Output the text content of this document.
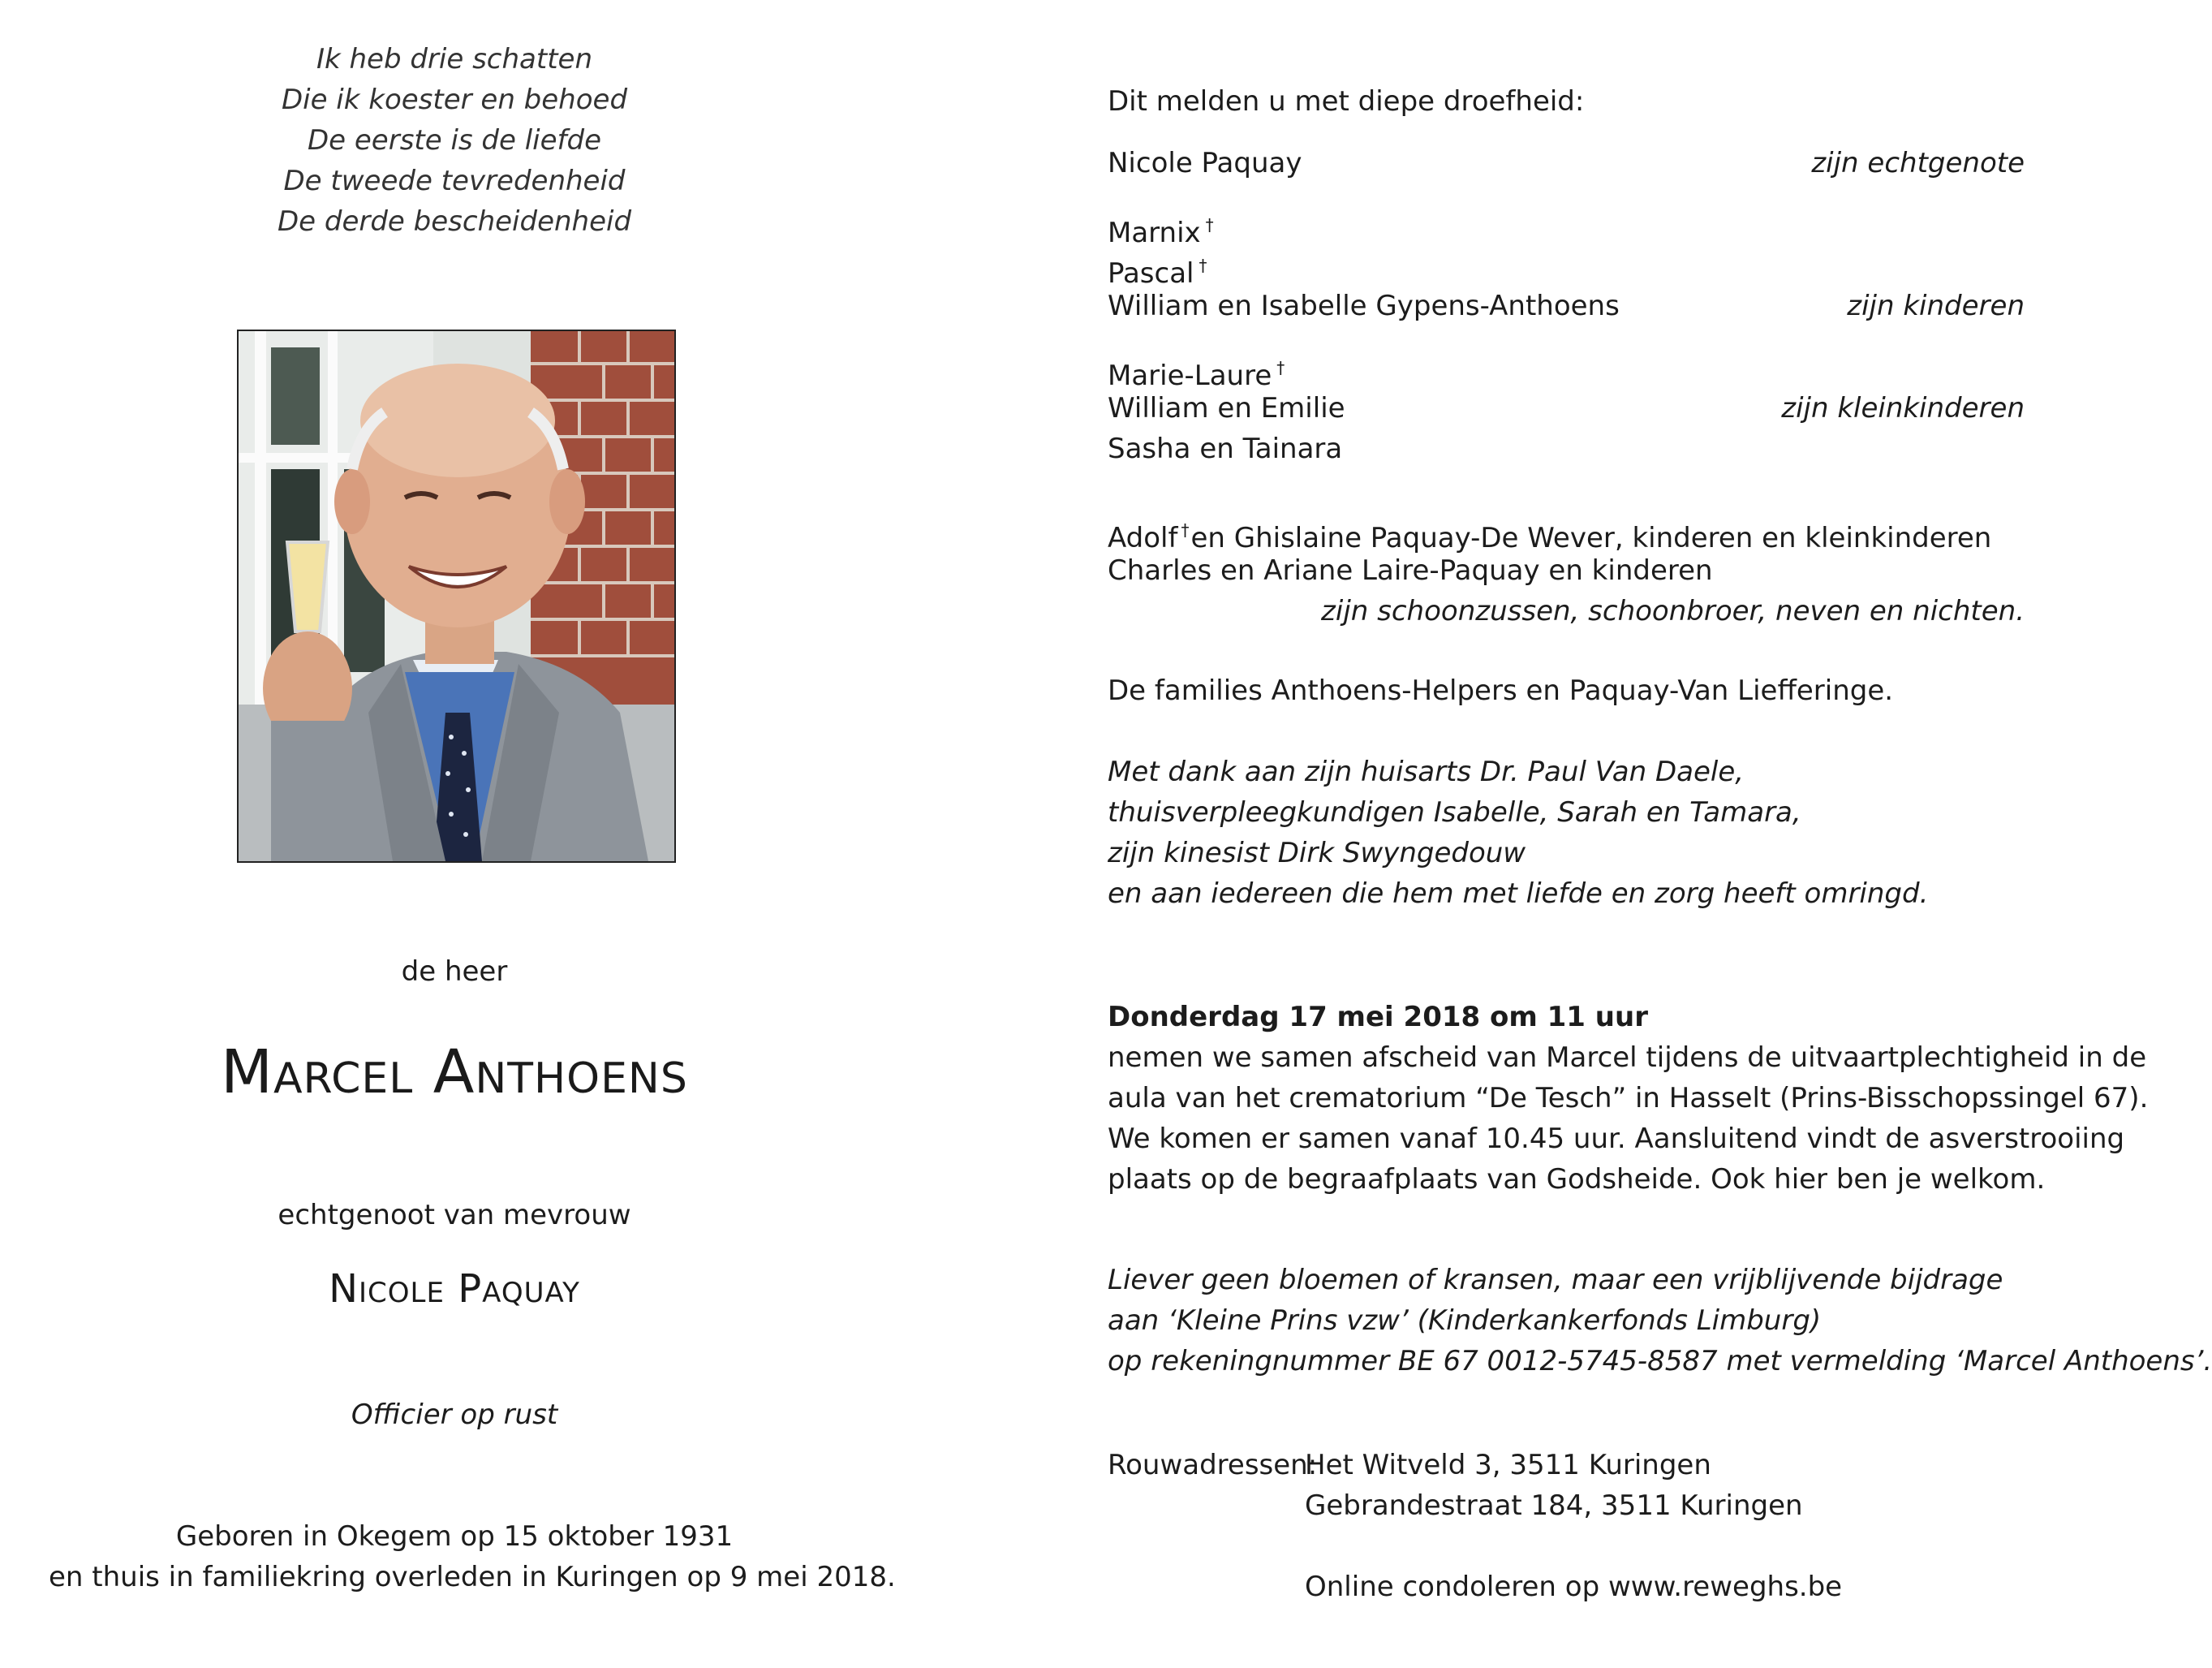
Ik heb drie schatten
Die ik koester en behoed
De eerste is de liefde
De tweede tevredenheid
De derde bescheidenheid
de heer
Marcel Anthoens
echtgenoot van mevrouw
Nicole Paquay
Officier op rust
Geboren in Okegem op 15 oktober 1931
en thuis in familiekring overleden in Kuringen op 9 mei 2018.
Dit melden u met diepe droefheid:
Nicole Paquay	zijn echtgenote
Marnix †
Pascal †
William en Isabelle Gypens-Anthoens	zijn kinderen
Marie-Laure †
William en Emilie	zijn kleinkinderen
Sasha en Tainara
Adolf †en Ghislaine Paquay-De Wever, kinderen en kleinkinderen
Charles en Ariane Laire-Paquay en kinderen
zijn schoonzussen, schoonbroer, neven en nichten.
De families Anthoens-Helpers en Paquay-Van Liefferinge.
Met dank aan zijn huisarts Dr. Paul Van Daele,
thuisverpleegkundigen Isabelle, Sarah en Tamara,
zijn kinesist Dirk Swyngedouw
en aan iedereen die hem met liefde en zorg heeft omringd.
Donderdag 17 mei 2018 om 11 uur
nemen we samen afscheid van Marcel tijdens de uitvaartplechtigheid in de
aula van het crematorium “De Tesch” in Hasselt (Prins-Bisschopssingel 67).
We komen er samen vanaf 10.45 uur. Aansluitend vindt de asverstrooiing
plaats op de begraafplaats van Godsheide. Ook hier ben je welkom.
Liever geen bloemen of kransen, maar een vrijblijvende bijdrage
aan ‘Kleine Prins vzw’ (Kinderkankerfonds Limburg)
op rekeningnummer BE 67 0012-5745-8587 met vermelding ‘Marcel Anthoens’.
Rouwadressen:
Het Witveld 3, 3511 Kuringen
Gebrandestraat 184, 3511 Kuringen
Online condoleren op www.reweghs.be
